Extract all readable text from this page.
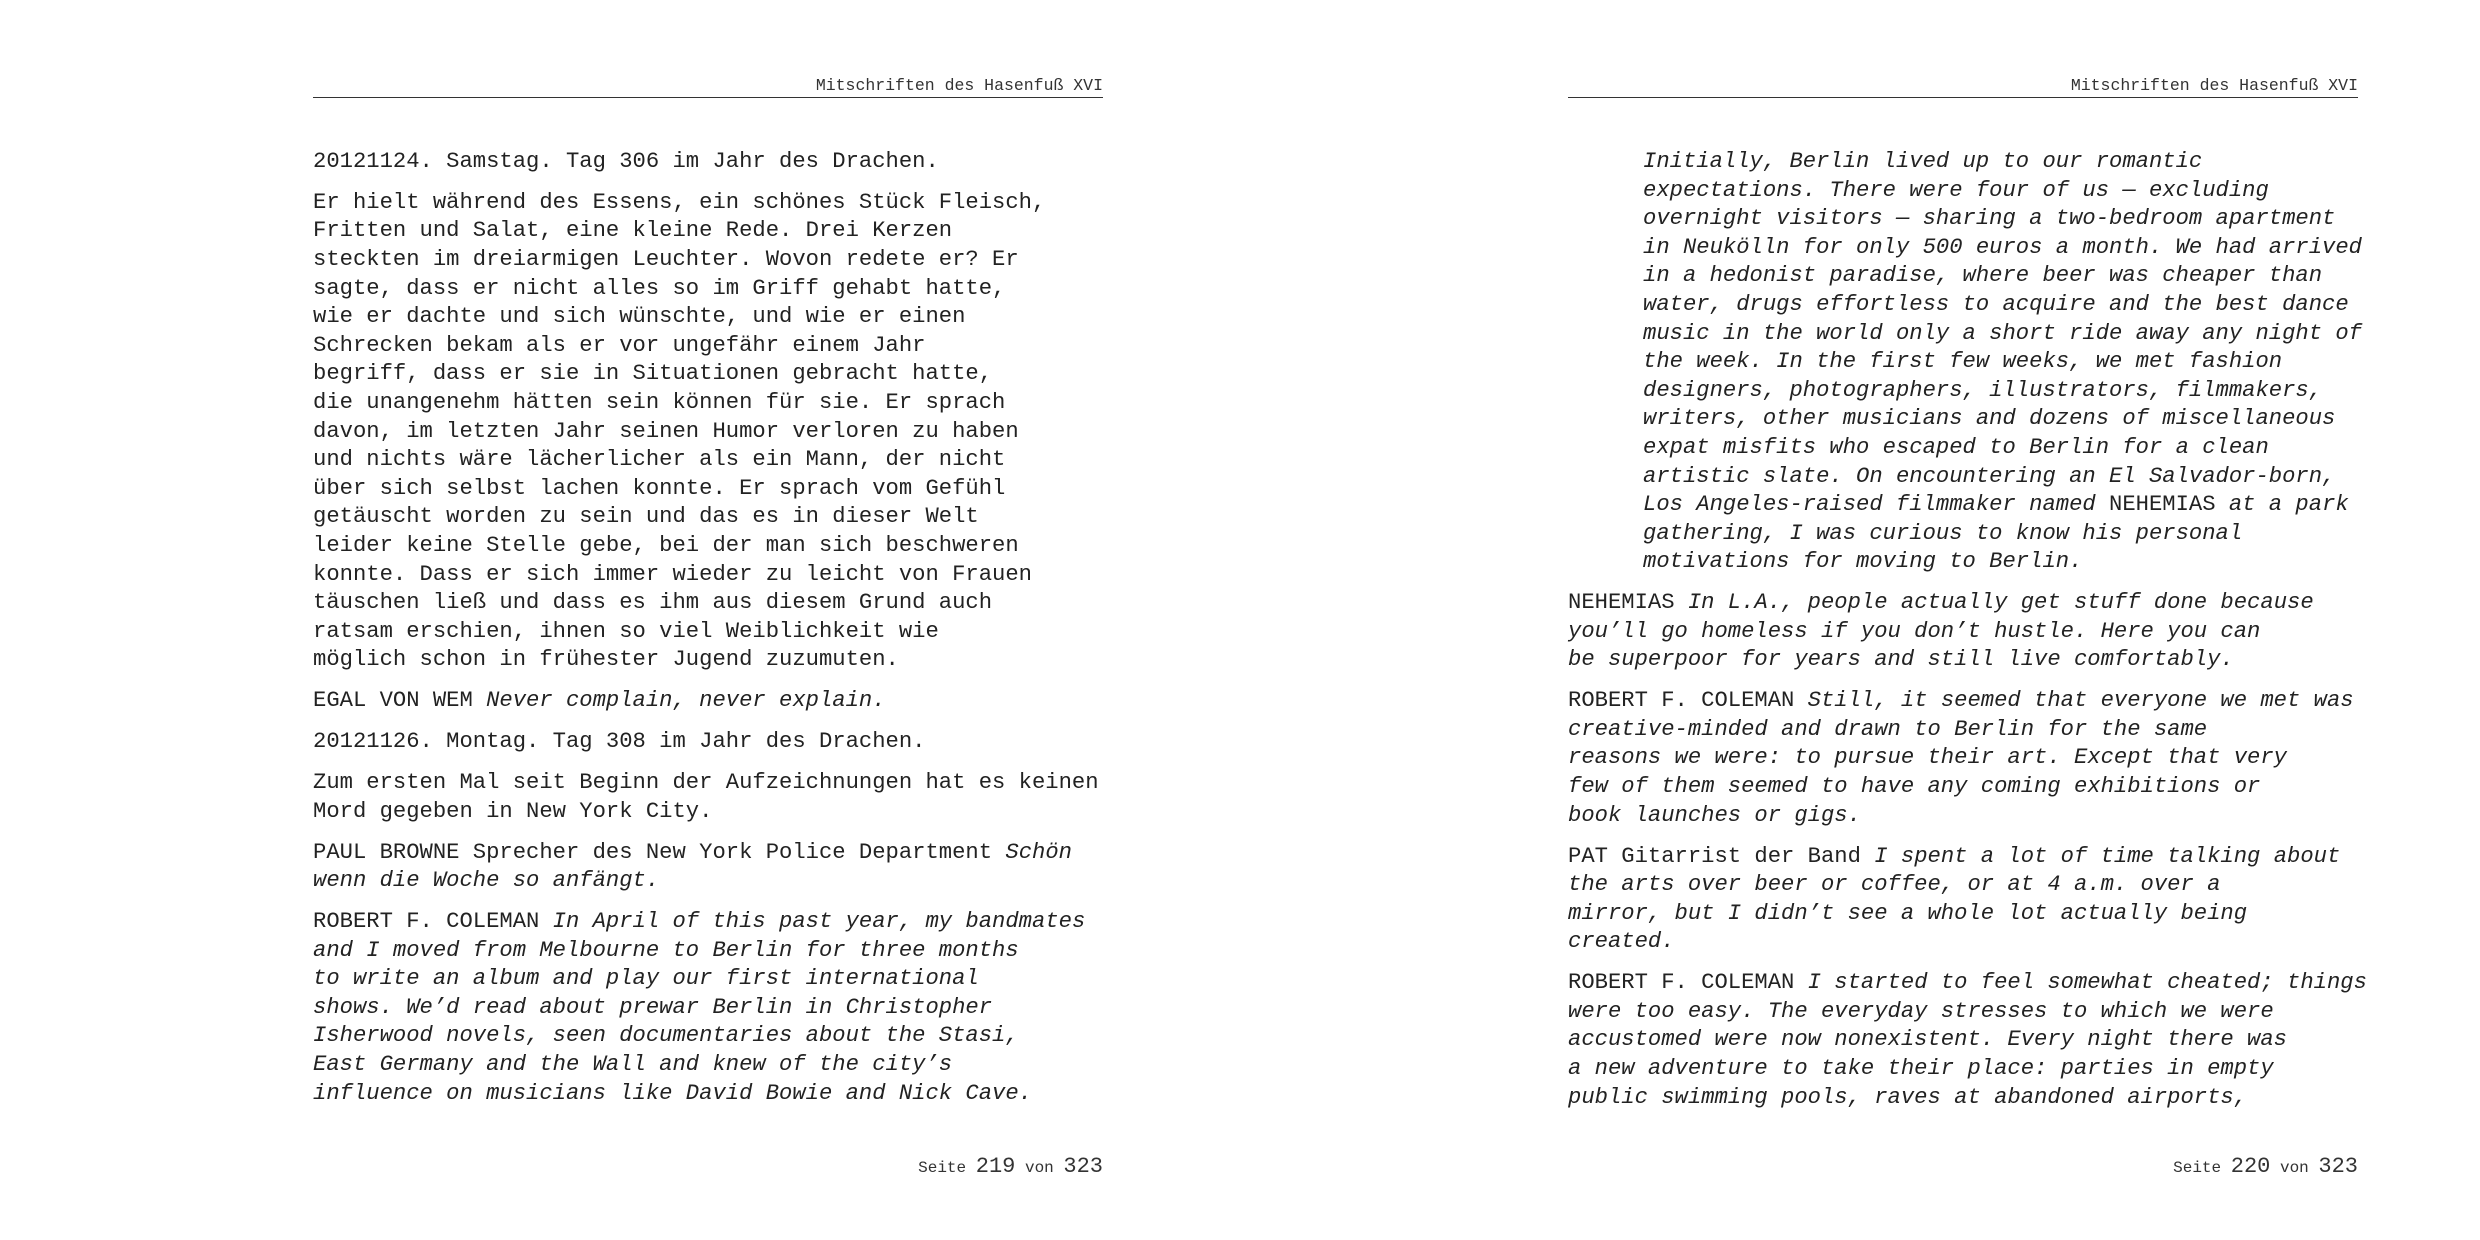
Mitschriften des Hasenfuß XVI

20121124. Samstag. Tag 306 im Jahr des Drachen.

Er hielt während des Essens, ein schönes Stück Fleisch,
Fritten und Salat, eine kleine Rede. Drei Kerzen
steckten im dreiarmigen Leuchter. Wovon redete er? Er
sagte, dass er nicht alles so im Griff gehabt hatte,
wie er dachte und sich wünschte, und wie er einen
Schrecken bekam als er vor ungefähr einem Jahr
begriff, dass er sie in Situationen gebracht hatte,
die unangenehm hätten sein können für sie. Er sprach
davon, im letzten Jahr seinen Humor verloren zu haben
und nichts wäre lächerlicher als ein Mann, der nicht
über sich selbst lachen konnte. Er sprach vom Gefühl
getäuscht worden zu sein und das es in dieser Welt
leider keine Stelle gebe, bei der man sich beschweren
konnte. Dass er sich immer wieder zu leicht von Frauen
täuschen ließ und dass es ihm aus diesem Grund auch
ratsam erschien, ihnen so viel Weiblichkeit wie
möglich schon in frühester Jugend zuzumuten.

EGAL VON WEM Never complain, never explain.

20121126. Montag. Tag 308 im Jahr des Drachen.

Zum ersten Mal seit Beginn der Aufzeichnungen hat es keinen
Mord gegeben in New York City.

PAUL BROWNE Sprecher des New York Police Department Schön
wenn die Woche so anfängt.

ROBERT F. COLEMAN In April of this past year, my bandmates
and I moved from Melbourne to Berlin for three months
to write an album and play our first international
shows. We’d read about prewar Berlin in Christopher
Isherwood novels, seen documentaries about the Stasi,
East Germany and the Wall and knew of the city’s
influence on musicians like David Bowie and Nick Cave.

Seite 219 von 323
Mitschriften des Hasenfuß XVI

Initially, Berlin lived up to our romantic
expectations. There were four of us — excluding
overnight visitors — sharing a two-bedroom apartment
in Neukölln for only 500 euros a month. We had arrived
in a hedonist paradise, where beer was cheaper than
water, drugs effortless to acquire and the best dance
music in the world only a short ride away any night of
the week. In the first few weeks, we met fashion
designers, photographers, illustrators, filmmakers,
writers, other musicians and dozens of miscellaneous
expat misfits who escaped to Berlin for a clean
artistic slate. On encountering an El Salvador-born,
Los Angeles-raised filmmaker named NEHEMIAS at a park
gathering, I was curious to know his personal
motivations for moving to Berlin.

NEHEMIAS In L.A., people actually get stuff done because
you’ll go homeless if you don’t hustle. Here you can
be superpoor for years and still live comfortably.

ROBERT F. COLEMAN Still, it seemed that everyone we met was
creative-minded and drawn to Berlin for the same
reasons we were: to pursue their art. Except that very
few of them seemed to have any coming exhibitions or
book launches or gigs.

PAT Gitarrist der Band I spent a lot of time talking about
the arts over beer or coffee, or at 4 a.m. over a
mirror, but I didn’t see a whole lot actually being
created.

ROBERT F. COLEMAN I started to feel somewhat cheated; things
were too easy. The everyday stresses to which we were
accustomed were now nonexistent. Every night there was
a new adventure to take their place: parties in empty
public swimming pools, raves at abandoned airports,

Seite 220 von 323
